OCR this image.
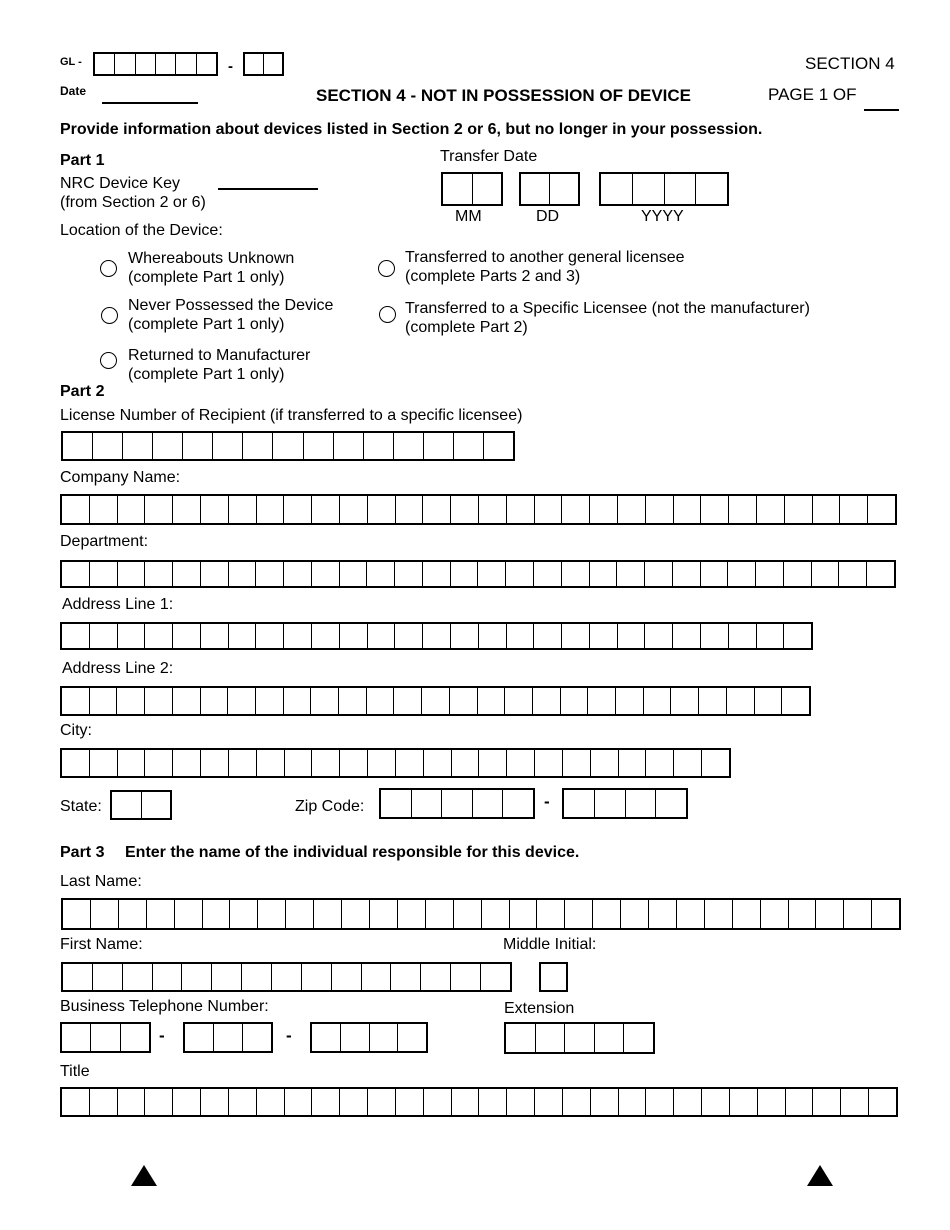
GL -	-
Date
SECTION 4
SECTION 4 - NOT IN POSSESSION OF DEVICE	PAGE 1 OF
Provide information about devices listed in Section 2 or 6, but no longer in your possession.
Part 1
NRC Device Key
(from Section 2 or 6)
Transfer Date
MM	DD	YYYY
Location of the Device:
Whereabouts Unknown
(complete Part 1 only)
Never Possessed the Device
(complete Part 1 only)
Returned to Manufacturer
(complete Part 1 only)
Transferred to another general licensee
(complete Parts 2 and 3)
Transferred to a Specific Licensee (not the manufacturer)
(complete Part 2)
Part 2
License Number of Recipient (if transferred to a specific licensee)
Company Name:
Department:
Address Line 1:
Address Line 2:
City:
State:	Zip Code:	-
Part 3 Enter the name of the individual responsible for this device.
Last Name:
First Name:	Middle Initial:
Business Telephone Number:	Extension
-	-
Title
